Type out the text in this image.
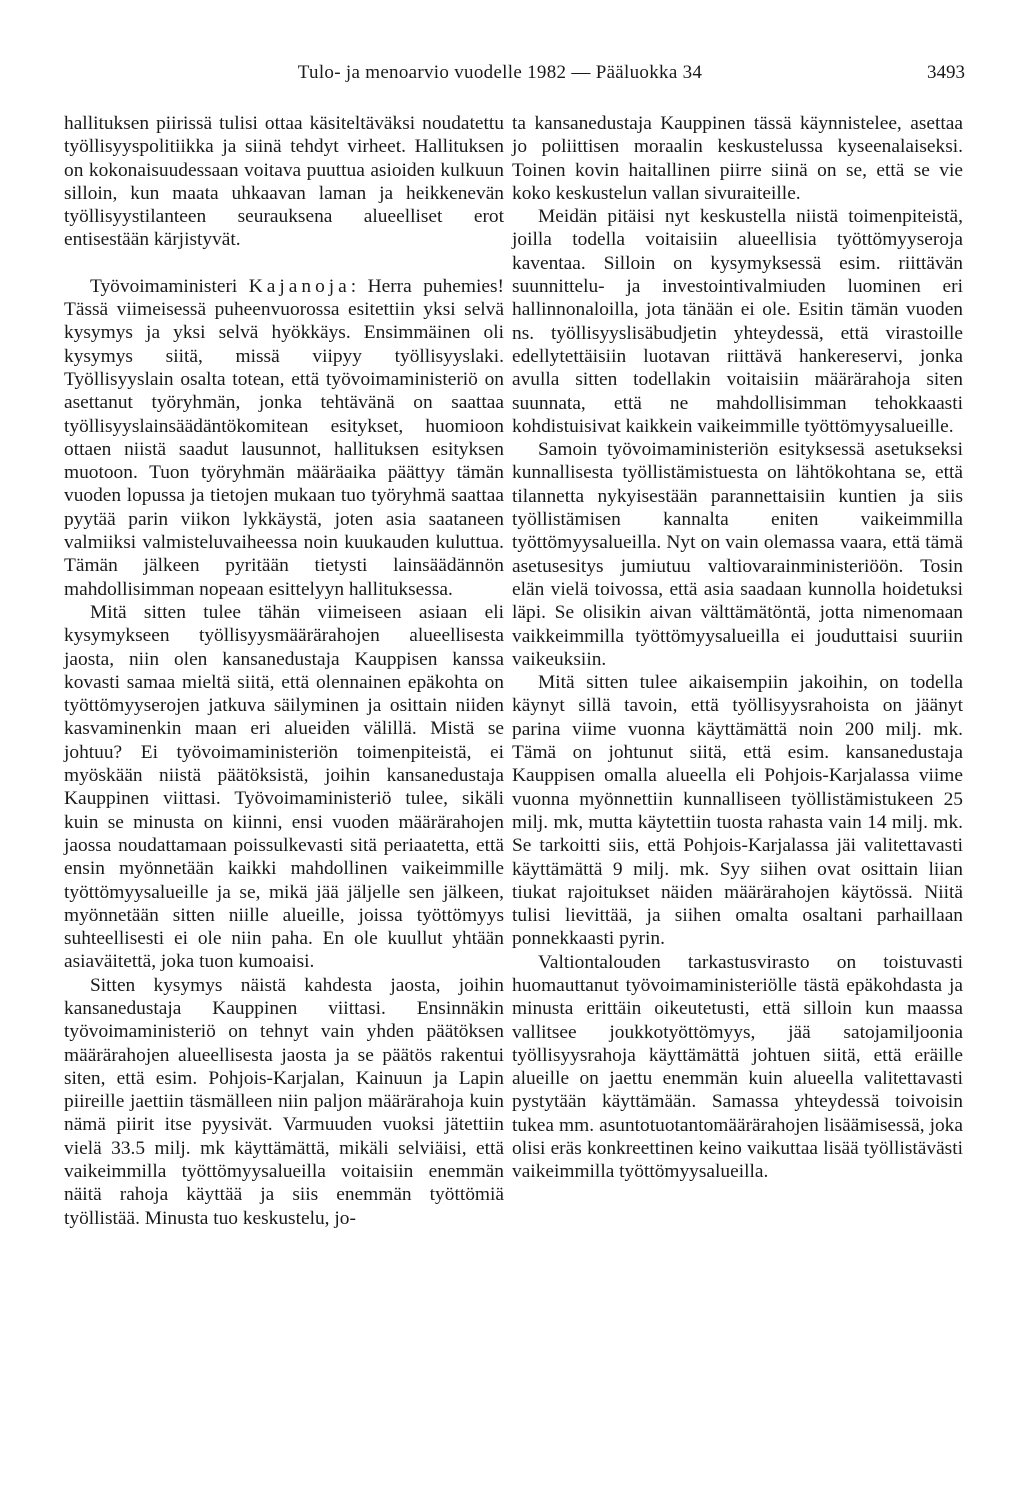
Tulo- ja menoarvio vuodelle 1982 — Pääluokka 34	3493

hallituksen piirissä tulisi ottaa käsiteltäväksi noudatettu työllisyyspolitiikka ja siinä tehdyt virheet. Hallituksen on kokonaisuudessaan voitava puuttua asioiden kulkuun silloin, kun maata uhkaavan laman ja heikkenevän työllisyystilanteen seurauksena alueelliset erot entisestään kärjistyvät.

Työvoimaministeri Kajanoja: Herra puhemies! Tässä viimeisessä puheenvuorossa esitettiin yksi selvä kysymys ja yksi selvä hyökkäys. Ensimmäinen oli kysymys siitä, missä viipyy työllisyyslaki. Työllisyyslain osalta totean, että työvoimaministeriö on asettanut työryhmän, jonka tehtävänä on saattaa työllisyyslainsäädäntökomitean esitykset, huomioon ottaen niistä saadut lausunnot, hallituksen esityksen muotoon. Tuon työryhmän määräaika päättyy tämän vuoden lopussa ja tietojen mukaan tuo työryhmä saattaa pyytää parin viikon lykkäystä, joten asia saataneen valmiiksi valmisteluvaiheessa noin kuukauden kuluttua. Tämän jälkeen pyritään tietysti lainsäädännön mahdollisimman nopeaan esittelyyn hallituksessa.

Mitä sitten tulee tähän viimeiseen asiaan eli kysymykseen työllisyysmäärärahojen alueellisesta jaosta, niin olen kansanedustaja Kauppisen kanssa kovasti samaa mieltä siitä, että olennainen epäkohta on työttömyyserojen jatkuva säilyminen ja osittain niiden kasvaminenkin maan eri alueiden välillä. Mistä se johtuu? Ei työvoimaministeriön toimenpiteistä, ei myöskään niistä päätöksistä, joihin kansanedustaja Kauppinen viittasi. Työvoimaministeriö tulee, sikäli kuin se minusta on kiinni, ensi vuoden määrärahojen jaossa noudattamaan poissulkevasti sitä periaatetta, että ensin myönnetään kaikki mahdollinen vaikeimmille työttömyysalueille ja se, mikä jää jäljelle sen jälkeen, myönnetään sitten niille alueille, joissa työttömyys suhteellisesti ei ole niin paha. En ole kuullut yhtään asiaväitettä, joka tuon kumoaisi.

Sitten kysymys näistä kahdesta jaosta, joihin kansanedustaja Kauppinen viittasi. Ensinnäkin työvoimaministeriö on tehnyt vain yhden päätöksen määrärahojen alueellisesta jaosta ja se päätös rakentui siten, että esim. Pohjois-Karjalan, Kainuun ja Lapin piireille jaettiin täsmälleen niin paljon määrärahoja kuin nämä piirit itse pyysivät. Varmuuden vuoksi jätettiin vielä 33.5 milj. mk käyttämättä, mikäli selviäisi, että vaikeimmilla työttömyysalueilla voitaisiin enemmän näitä rahoja käyttää ja siis enemmän työttömiä työllistää. Minusta tuo keskustelu, jo-

ta kansanedustaja Kauppinen tässä käynnistelee, asettaa jo poliittisen moraalin keskustelussa kyseenalaiseksi. Toinen kovin haitallinen piirre siinä on se, että se vie koko keskustelun vallan sivuraiteille.

Meidän pitäisi nyt keskustella niistä toimenpiteistä, joilla todella voitaisiin alueellisia työttömyyseroja kaventaa. Silloin on kysymyksessä esim. riittävän suunnittelu- ja investointivalmiuden luominen eri hallinnonaloilla, jota tänään ei ole. Esitin tämän vuoden ns. työllisyyslisäbudjetin yhteydessä, että virastoille edellytettäisiin luotavan riittävä hankereservi, jonka avulla sitten todellakin voitaisiin määrärahoja siten suunnata, että ne mahdollisimman tehokkaasti kohdistuisivat kaikkein vaikeimmille työttömyysalueille.

Samoin työvoimaministeriön esityksessä asetukseksi kunnallisesta työllistämistuesta on lähtökohtana se, että tilannetta nykyisestään parannettaisiin kuntien ja siis työllistämisen kannalta eniten vaikeimmilla työttömyysalueilla. Nyt on vain olemassa vaara, että tämä asetusesitys jumiutuu valtiovarainministeriöön. Tosin elän vielä toivossa, että asia saadaan kunnolla hoidetuksi läpi. Se olisikin aivan välttämätöntä, jotta nimenomaan vaikkeimmilla työttömyysalueilla ei jouduttaisi suuriin vaikeuksiin.

Mitä sitten tulee aikaisempiin jakoihin, on todella käynyt sillä tavoin, että työllisyysrahoista on jäänyt parina viime vuonna käyttämättä noin 200 milj. mk. Tämä on johtunut siitä, että esim. kansanedustaja Kauppisen omalla alueella eli Pohjois-Karjalassa viime vuonna myönnettiin kunnalliseen työllistämistukeen 25 milj. mk, mutta käytettiin tuosta rahasta vain 14 milj. mk. Se tarkoitti siis, että Pohjois-Karjalassa jäi valitettavasti käyttämättä 9 milj. mk. Syy siihen ovat osittain liian tiukat rajoitukset näiden määrärahojen käytössä. Niitä tulisi lievittää, ja siihen omalta osaltani parhaillaan ponnekkaasti pyrin.

Valtiontalouden tarkastusvirasto on toistuvasti huomauttanut työvoimaministeriölle tästä epäkohdasta ja minusta erittäin oikeutetusti, että silloin kun maassa vallitsee joukkotyöttömyys, jää satojamiljoonia työllisyysrahoja käyttämättä johtuen siitä, että eräille alueille on jaettu enemmän kuin alueella valitettavasti pystytään käyttämään. Samassa yhteydessä toivoisin tukea mm. asuntotuotantomäärärahojen lisäämisessä, joka olisi eräs konkreettinen keino vaikuttaa lisää työllistävästi vaikeimmilla työttömyysalueilla.
